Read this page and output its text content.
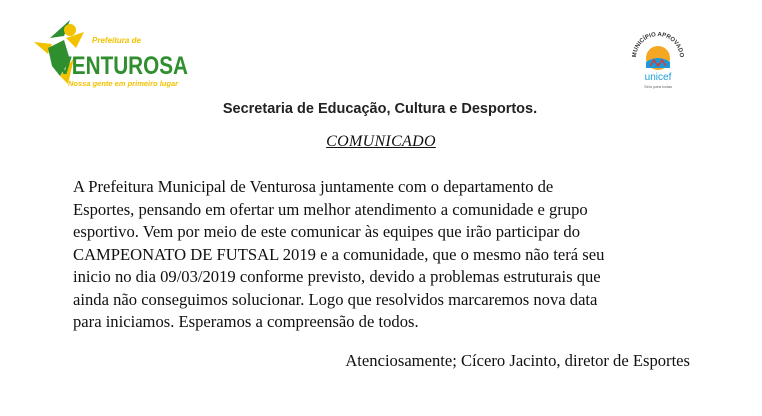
Prefeitura de
VENTUROSA
Nossa gente em primeiro lugar
MUNICÍPIO APROVADO
unicef
Selo para todas
Secretaria de Educação, Cultura e Desportos.
COMUNICADO

A Prefeitura Municipal de Venturosa juntamente com o departamento de
Esportes, pensando em ofertar um melhor atendimento a comunidade e grupo
esportivo. Vem por meio de este comunicar às equipes que irão participar do
CAMPEONATO DE FUTSAL 2019 e a comunidade, que o mesmo não terá seu
inicio no dia 09/03/2019 conforme previsto, devido a problemas estruturais que
ainda não conseguimos solucionar. Logo que resolvidos marcaremos nova data
para iniciamos. Esperamos a compreensão de todos.

Atenciosamente; Cícero Jacinto, diretor de Esportes
